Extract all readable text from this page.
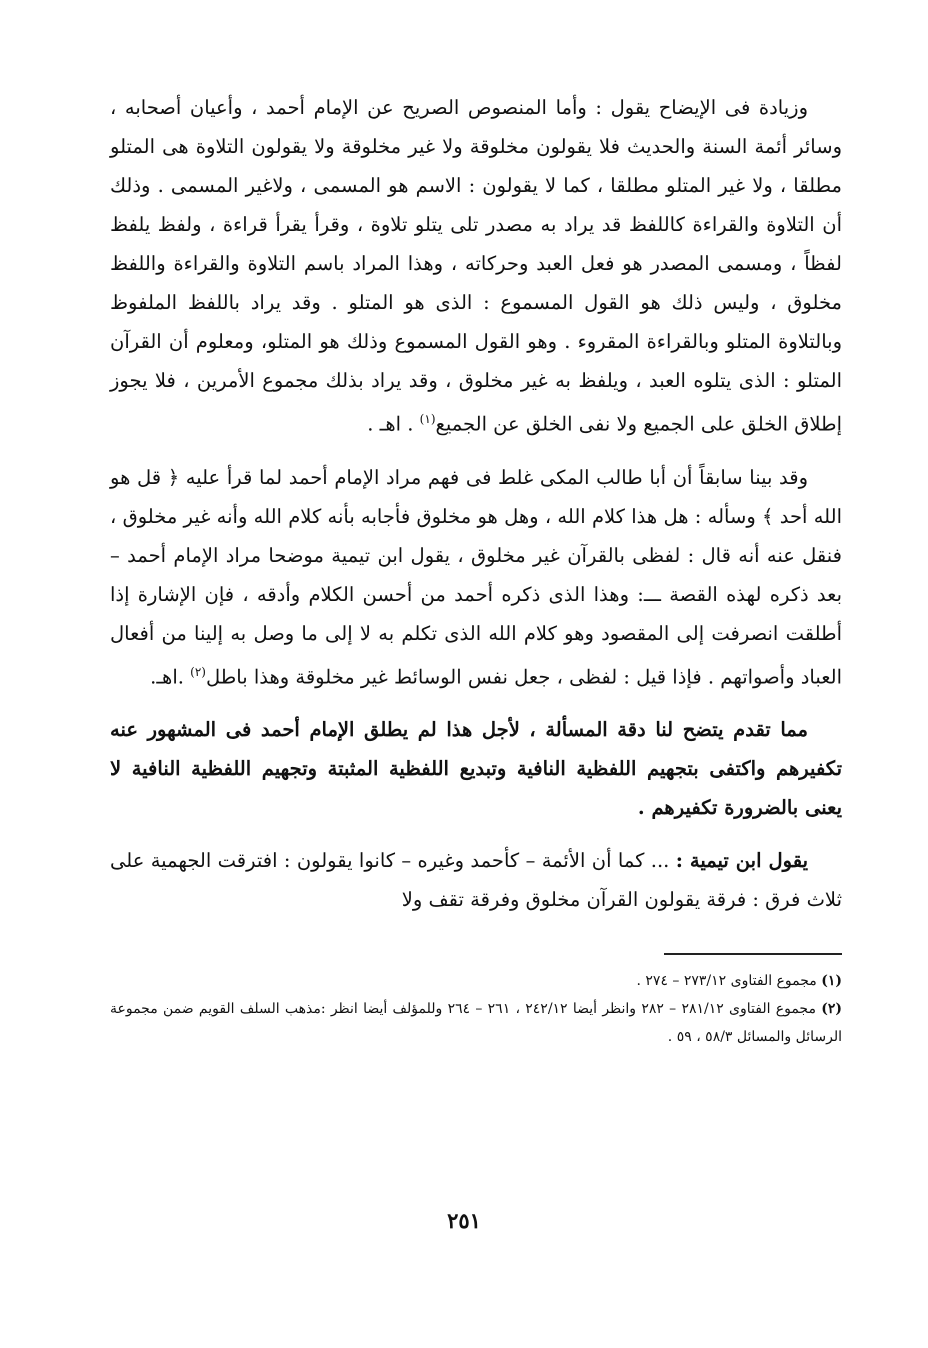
وزيادة فى الإيضاح يقول : وأما المنصوص الصريح عن الإمام أحمد ، وأعيان أصحابه ، وسائر أئمة السنة والحديث فلا يقولون مخلوقة ولا غير مخلوقة ولا يقولون التلاوة هى المتلو مطلقا ، ولا غير المتلو مطلقا ، كما لا يقولون : الاسم هو المسمى ، ولاغير المسمى . وذلك أن التلاوة والقراءة كاللفظ قد يراد به مصدر تلى يتلو تلاوة ، وقرأ يقرأ قراءة ، ولفظ يلفظ لفظاً ، ومسمى المصدر هو فعل العبد وحركاته ، وهذا المراد باسم التلاوة والقراءة واللفظ مخلوق ، وليس ذلك هو القول المسموع : الذى هو المتلو . وقد يراد باللفظ الملفوظ وبالتلاوة المتلو وبالقراءة المقروء . وهو القول المسموع وذلك هو المتلو، ومعلوم أن القرآن المتلو : الذى يتلوه العبد ، ويلفظ به غير مخلوق ، وقد يراد بذلك مجموع الأمرين ، فلا يجوز إطلاق الخلق على الجميع ولا نفى الخلق عن الجميع$^{(١)}$ . اهـ .

وقد بينا سابقاً أن أبا طالب المكى غلط فى فهم مراد الإمام أحمد لما قرأ عليه ﴿ قل هو الله أحد ﴾ وسأله : هل هذا كلام الله ، وهل هو مخلوق فأجابه بأنه كلام الله وأنه غير مخلوق ، فنقل عنه أنه قال : لفظى بالقرآن غير مخلوق ، يقول ابن تيمية موضحا مراد الإمام أحمد – بعد ذكره لهذه القصة ـــ: وهذا الذى ذكره أحمد من أحسن الكلام وأدقه ، فإن الإشارة إذا أطلقت انصرفت إلى المقصود وهو كلام الله الذى تكلم به لا إلى ما وصل به إلينا من أفعال العباد وأصواتهم . فإذا قيل : لفظى ، جعل نفس الوسائط غير مخلوقة وهذا باطل$^{(٢)}$ .اهـ.

مما تقدم يتضح لنا دقة المسألة ، لأجل هذا لم يطلق الإمام أحمد فى المشهور عنه تكفيرهم واكتفى بتجهيم اللفظية النافية وتبديع اللفظية المثبتة وتجهيم اللفظية النافية لا يعنى بالضرورة تكفيرهم .

يقول ابن تيمية : ... كما أن الأئمة – كأحمد وغيره – كانوا يقولون : افترقت الجهمية على ثلاث فرق : فرقة يقولون القرآن مخلوق وفرقة تقف ولا

(١) مجموع الفتاوى ٢٧٣/١٢ – ٢٧٤ .

(٢) مجموع الفتاوى ٢٨١/١٢ – ٢٨٢ وانظر أيضا ٢٤٢/١٢ ، ٢٦١ – ٢٦٤ وللمؤلف أيضا انظر :مذهب السلف القويم ضمن مجموعة الرسائل والمسائل ٥٨/٣ ، ٥٩ .

٢٥١
